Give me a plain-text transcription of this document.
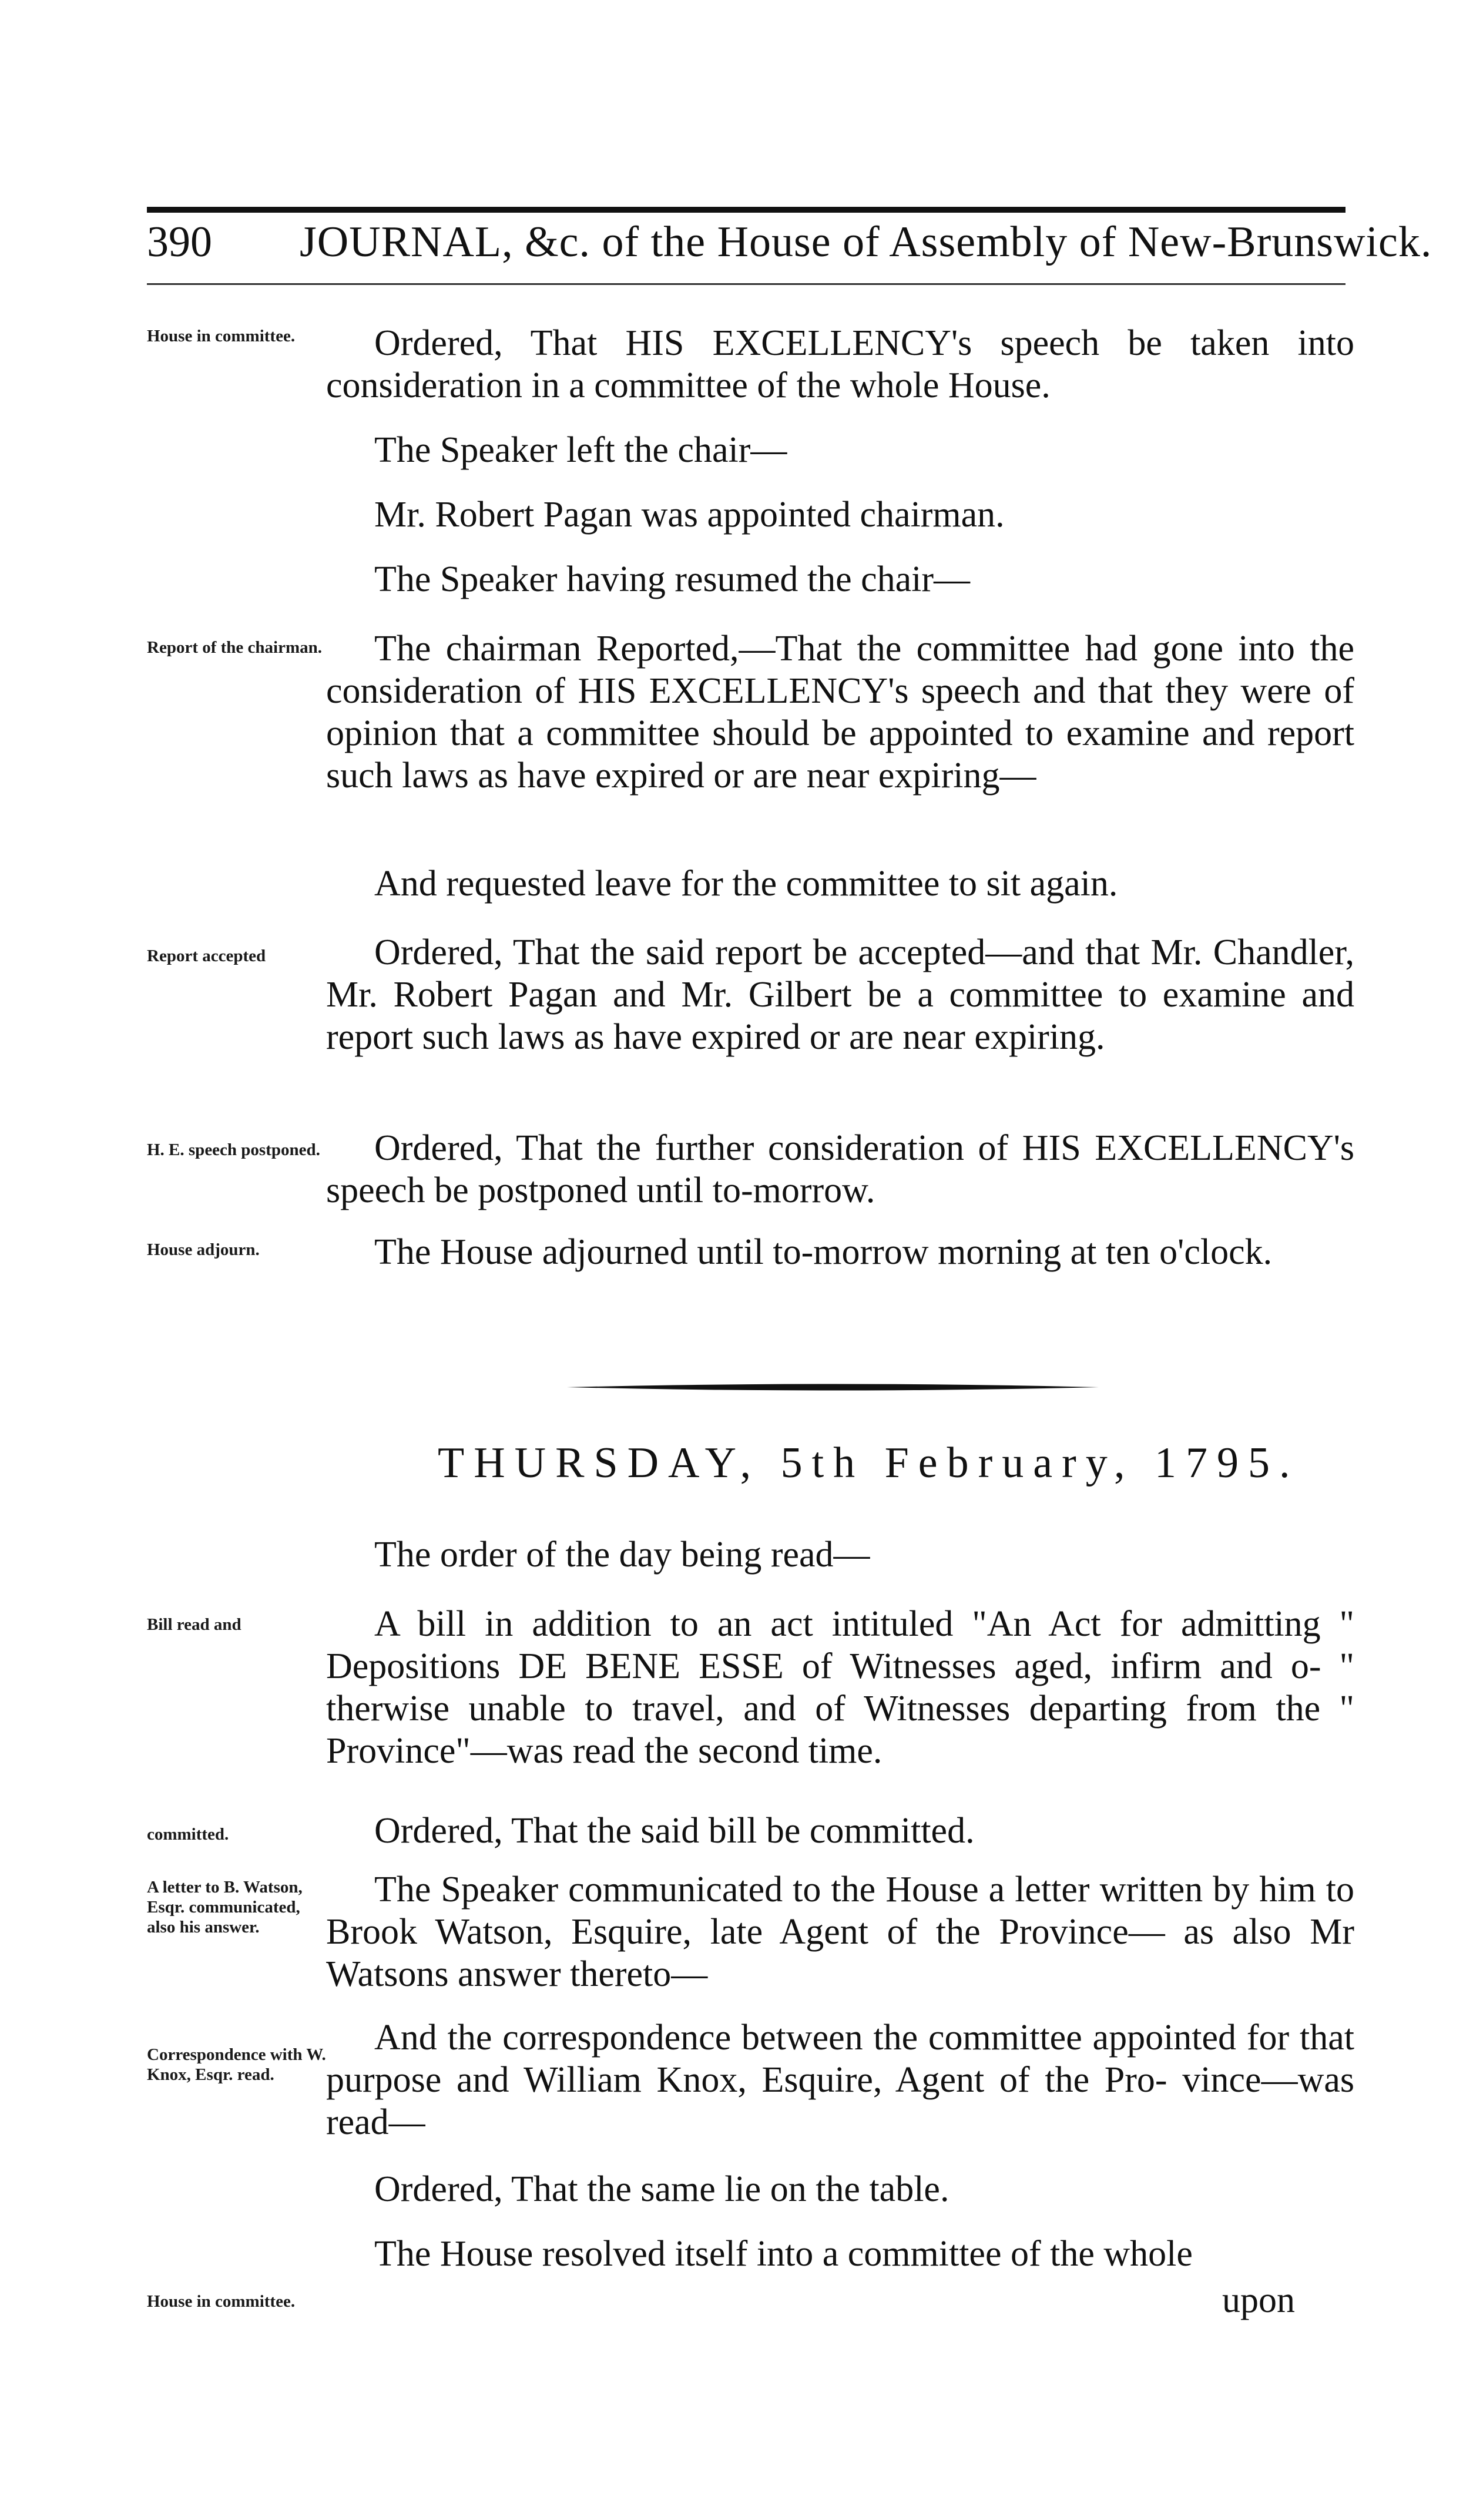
390 JOURNAL, &c. of the House of Assembly of New-Brunswick.
House in committee.	Ordered, That HIS EXCELLENCY's speech be taken into consideration in a committee of the whole House.
The Speaker left the chair—
Mr. Robert Pagan was appointed chairman.
The Speaker having resumed the chair—
Report of the chairman.	The chairman Reported,—That the committee had gone into the consideration of HIS EXCELLENCY's speech and that they were of opinion that a committee should be appointed to examine and report such laws as have expired or are near expiring—
And requested leave for the committee to sit again.
Report accepted	Ordered, That the said report be accepted—and that Mr. Chandler, Mr. Robert Pagan and Mr. Gilbert be a committee to examine and report such laws as have expired or are near expiring.
H. E. speech postponed.	Ordered, That the further consideration of HIS EXCELLENCY's speech be postponed until to-morrow.
House adjourn.	The House adjourned until to-morrow morning at ten o'clock.
THURSDAY, 5th February, 1795.
The order of the day being read—
Bill read and	A bill in addition to an act intituled "An Act for admitting " Depositions DE BENE ESSE of Witnesses aged, infirm and o- " therwise unable to travel, and of Witnesses departing from the " Province"—was read the second time.
committed.	Ordered, That the said bill be committed.
A letter to B. Watson, Esqr. communicated, also his answer.
The Speaker communicated to the House a letter written by him to Brook Watson, Esquire, late Agent of the Province— as also Mr Watsons answer thereto—
Correspondence with W. Knox, Esqr. read.
And the correspondence between the committee appointed for that purpose and William Knox, Esquire, Agent of the Pro- vince—was read—
Ordered, That the same lie on the table.
House in committee.
The House resolved itself into a committee of the whole
upon
